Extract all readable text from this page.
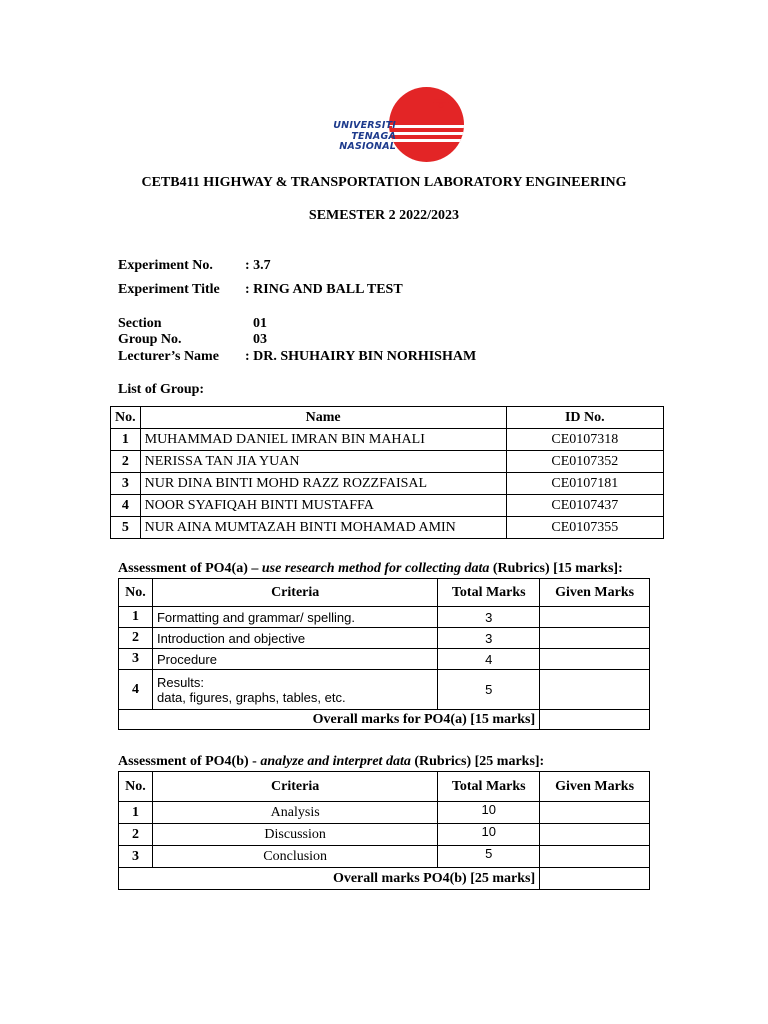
UNIVERSITI
TENAGA
NASIONAL
CETB411 HIGHWAY & TRANSPORTATION LABORATORY ENGINEERING
SEMESTER 2 2022/2023
Experiment No. : 3.7
Experiment Title : RING AND BALL TEST
Section	01
Group No.	03
Lecturer’s Name : DR. SHUHAIRY BIN NORHISHAM
List of Group:
No.	Name	ID No.
1	MUHAMMAD DANIEL IMRAN BIN MAHALI	CE0107318
2	NERISSA TAN JIA YUAN	CE0107352
3	NUR DINA BINTI MOHD RAZZ ROZZFAISAL	CE0107181
4	NOOR SYAFIQAH BINTI MUSTAFFA	CE0107437
5	NUR AINA MUMTAZAH BINTI MOHAMAD AMIN	CE0107355
Assessment of PO4(a) – use research method for collecting data (Rubrics) [15 marks]:
No.	Criteria	Total Marks	Given Marks
1	Formatting and grammar/ spelling.	3	
2	Introduction and objective	3	
3	Procedure	4	
4	Results:
data, figures, graphs, tables, etc.	5	
Overall marks for PO4(a) [15 marks]			
Assessment of PO4(b) - analyze and interpret data (Rubrics) [25 marks]:
No.	Criteria	Total Marks	Given Marks
1	Analysis	10	
2	Discussion	10	
3	Conclusion	5	
Overall marks PO4(b) [25 marks]			
